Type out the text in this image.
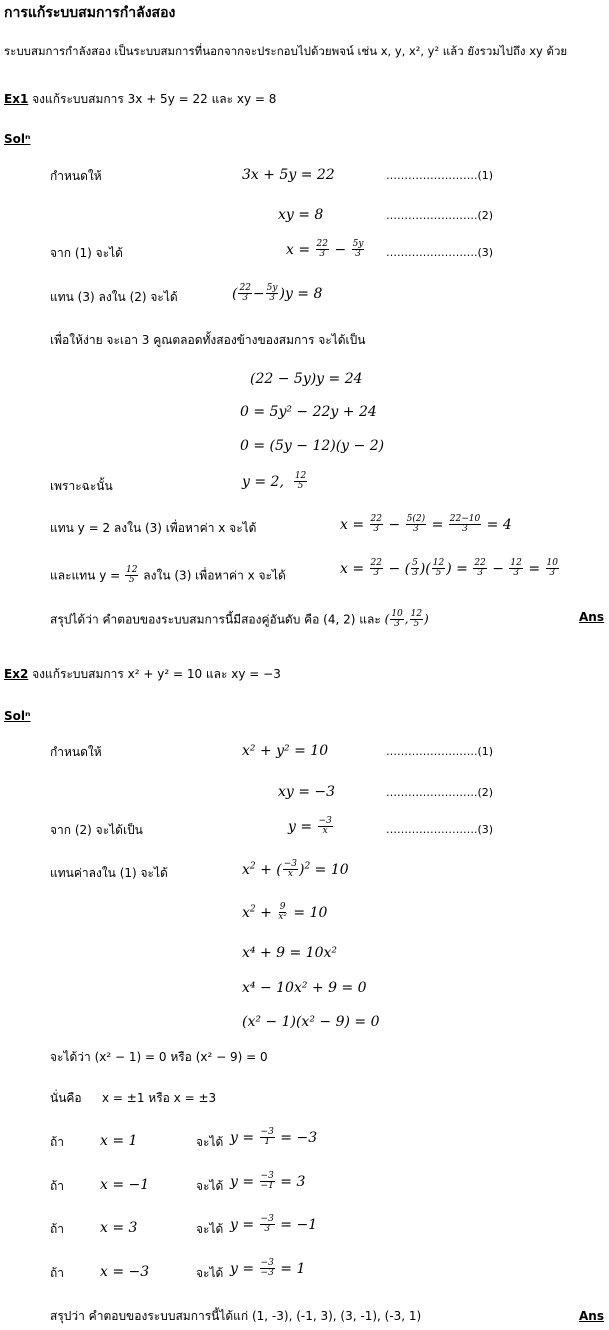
การแก้ระบบสมการกำลังสอง
ระบบสมการกำลังสอง เป็นระบบสมการที่นอกจากจะประกอบไปด้วยพจน์ เช่น x, y, x², y² แล้ว ยังรวมไปถึง xy ด้วย
Ex1 จงแก้ระบบสมการ 3x + 5y = 22 และ xy = 8
Solⁿ
กำหนดให้	3x + 5y = 22	…………………….(1)
xy = 8	…………………….(2)
จาก (1) จะได้	$x = \frac{22}{3} - \frac{5y}{3}$ …………………….(3)
แทน (3) ลงใน (2) จะได้	( $\frac{22}{3} - \frac{5y}{3} )y = 8$
เพื่อให้ง่าย จะเอา 3 คูณตลอดทั้งสองข้างของสมการ จะได้เป็น
(22 − 5y)y = 24
0 = 5y² − 22y + 24
0 = (5y − 12)(y − 2)
เพราะฉะนั้น	y = 2, $\frac{12}{5}$
แทน y = 2 ลงใน (3) เพื่อหาค่า x จะได้	$x = \frac{22}{3} - \frac{5(2)}{3} = \frac{22-10}{3} = 4$
และแทน $y = \frac{12}{5}$ ลงใน (3) เพื่อหาค่า x จะได้	$x = \frac{22}{3}$ − ( $\frac{5}{3}$ )( $\frac{12}{5}$ ) = $\frac{22}{3} - \frac{12}{3} = \frac{10}{3}$
สรุปได้ว่า คำตอบของระบบสมการนี้มีสองคู่อันดับ คือ (4, 2) และ ( $\frac{10}{3}$ , $\frac{12}{5}$ )	Ans
Ex2 จงแก้ระบบสมการ x² + y² = 10 และ xy = −3
Solⁿ
กำหนดให้	x² + y² = 10	…………………….(1)
xy = −3	…………………….(2)
จาก (2) จะได้เป็น	$y = \frac{-3}{x}$	…………………….(3)
แทนค่าลงใน (1) จะได้	$x^2$ + ( $\frac{-3}{x} )^2 = 10$
$x^2 + \frac{9}{\text{x²}} = 10$
x⁴ + 9 = 10x²
x⁴ − 10x² + 9 = 0
(x² − 1)(x² − 9) = 0
จะได้ว่า (x² − 1) = 0 หรือ (x² − 9) = 0
นั่นคือ x = ±1 หรือ x = ±3
ถ้า	x = 1	จะได้ $y = \frac{-3}{1} = -3$
ถ้า	x = −1	จะได้ $y = \frac{-3}{-1} = 3$
ถ้า	x = 3	จะได้ $y = \frac{-3}{3} = -1$
ถ้า	x = −3	จะได้ $y = \frac{-3}{-3} = 1$
สรุปว่า คำตอบของระบบสมการนี้ได้แก่ (1, -3), (-1, 3), (3, -1), (-3, 1)	Ans
